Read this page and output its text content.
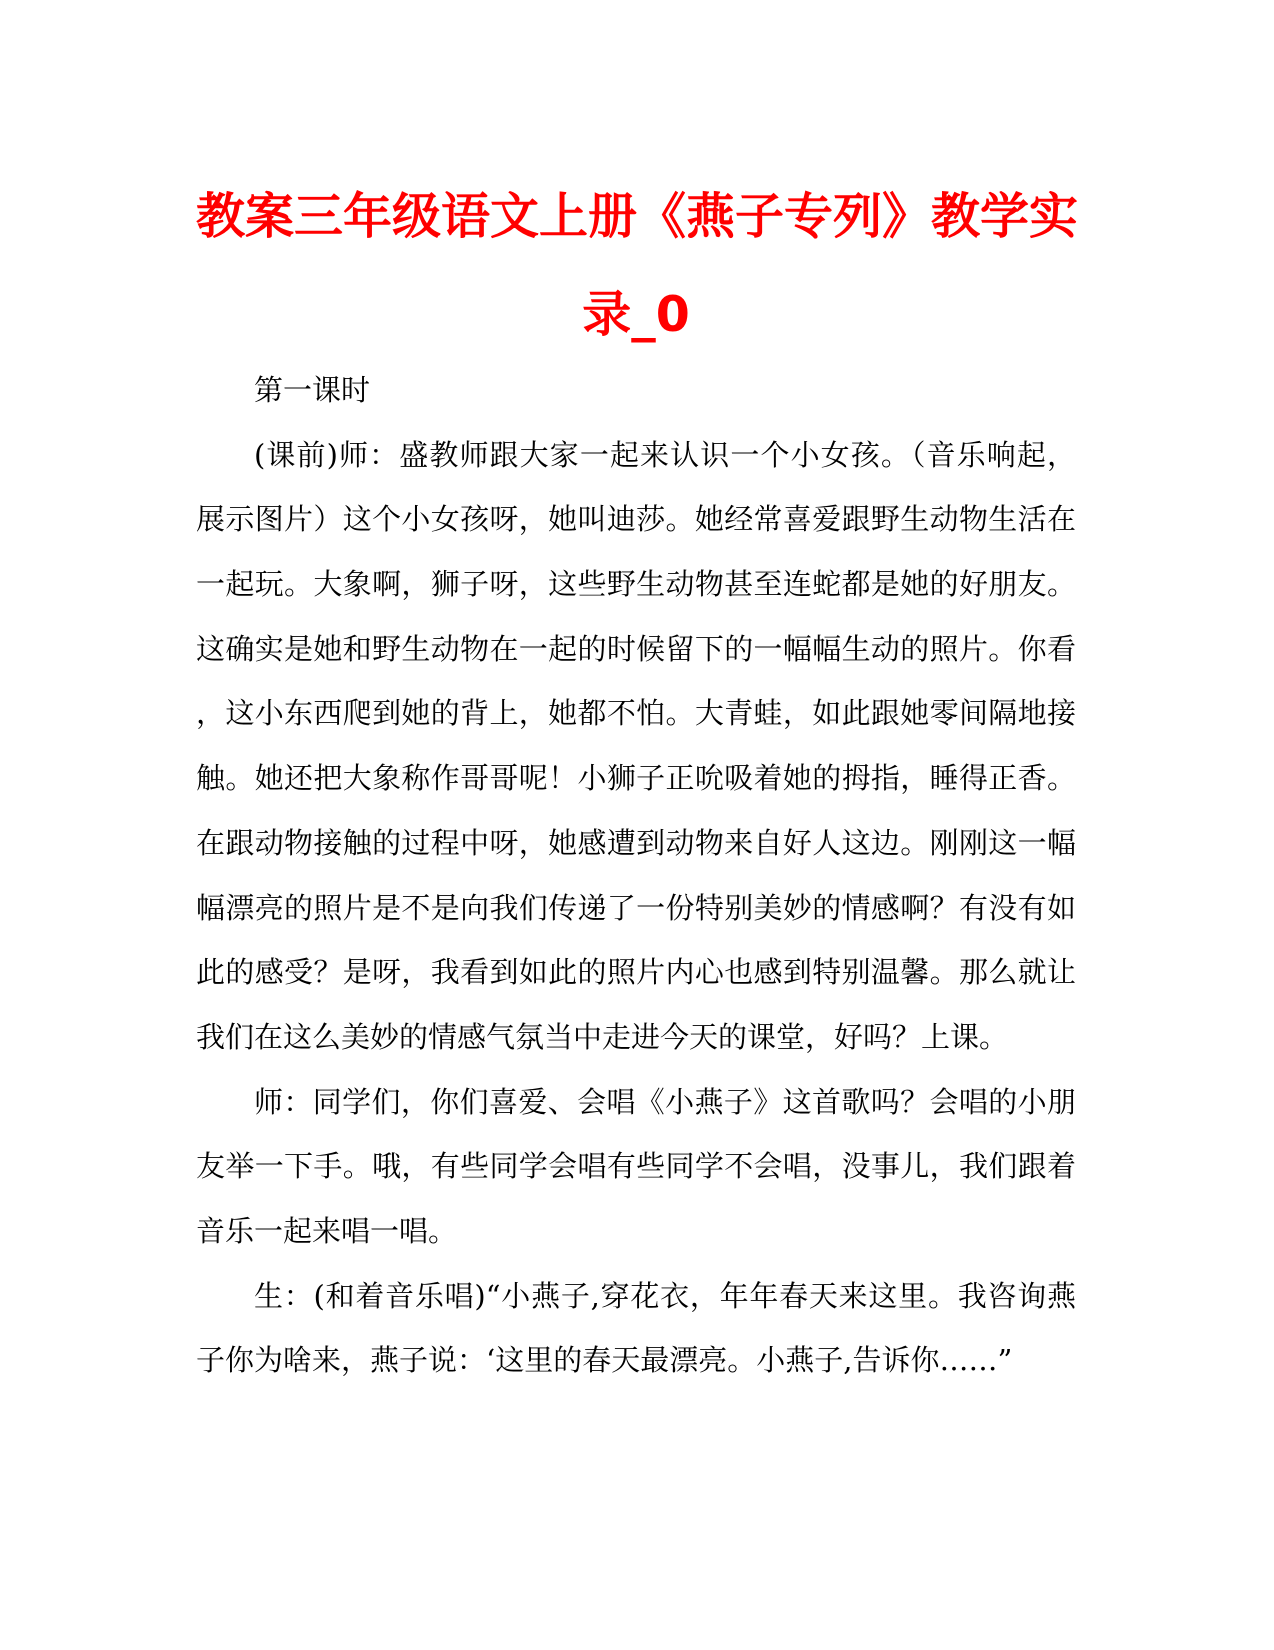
教案三年级语文上册《燕子专列》教学实
录_0
第一课时
(课前)师：盛教师跟大家一起来认识一个小女孩。（音乐响起，
展示图片）这个小女孩呀，她叫迪莎。她经常喜爱跟野生动物生活在
一起玩。大象啊，狮子呀，这些野生动物甚至连蛇都是她的好朋友。
这确实是她和野生动物在一起的时候留下的一幅幅生动的照片。你看
，这小东西爬到她的背上，她都不怕。大青蛙，如此跟她零间隔地接
触。她还把大象称作哥哥呢！小狮子正吮吸着她的拇指，睡得正香。
在跟动物接触的过程中呀，她感遭到动物来自好人这边。刚刚这一幅
幅漂亮的照片是不是向我们传递了一份特别美妙的情感啊？有没有如
此的感受？是呀，我看到如此的照片内心也感到特别温馨。那么就让
我们在这么美妙的情感气氛当中走进今天的课堂，好吗？上课。
师：同学们，你们喜爱、会唱《小燕子》这首歌吗？会唱的小朋
友举一下手。哦，有些同学会唱有些同学不会唱，没事儿，我们跟着
音乐一起来唱一唱。
生：(和着音乐唱)“小燕子,穿花衣，年年春天来这里。我咨询燕
子你为啥来，燕子说：‘这里的春天最漂亮。小燕子,告诉你……”
